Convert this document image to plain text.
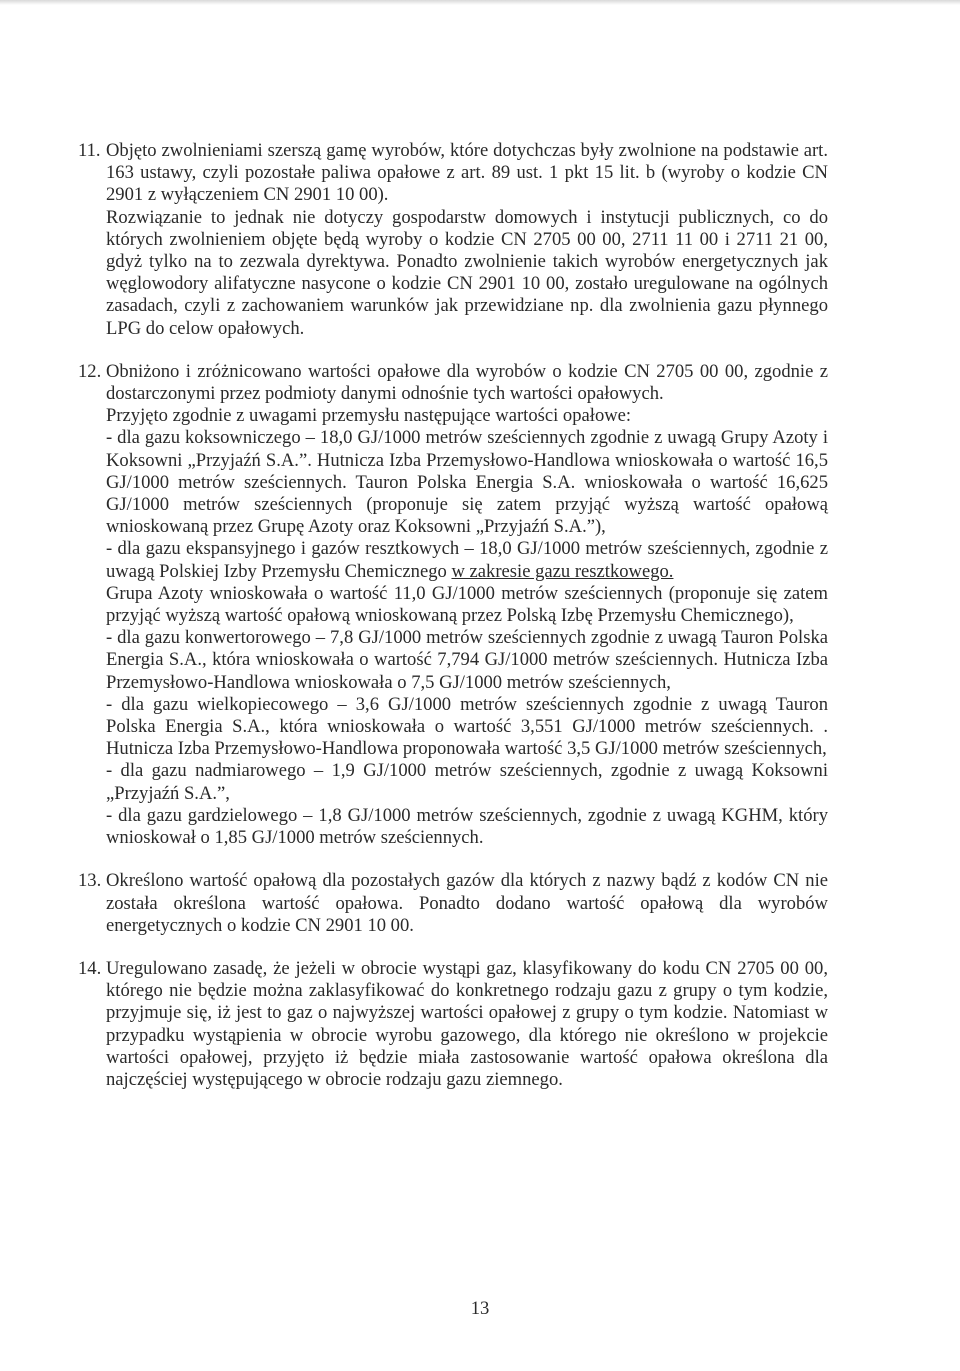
11. Objęto zwolnieniami szerszą gamę wyrobów, które dotychczas były zwolnione na podstawie art. 163 ustawy, czyli pozostałe paliwa opałowe z art. 89 ust. 1 pkt 15 lit. b (wyroby o kodzie CN 2901 z wyłączeniem CN 2901 10 00).

Rozwiązanie to jednak nie dotyczy gospodarstw domowych i instytucji publicznych, co do których zwolnieniem objęte będą wyroby o kodzie CN 2705 00 00, 2711 11 00 i 2711 21 00, gdyż tylko na to zezwala dyrektywa. Ponadto zwolnienie takich wyrobów energetycznych jak węglowodory alifatyczne nasycone o kodzie CN 2901 10 00, zostało uregulowane na ogólnych zasadach, czyli z zachowaniem warunków jak przewidziane np. dla zwolnienia gazu płynnego LPG do celow opałowych.

12. Obniżono i zróżnicowano wartości opałowe dla wyrobów o kodzie CN 2705 00 00, zgodnie z dostarczonymi przez podmioty danymi odnośnie tych wartości opałowych.

Przyjęto zgodnie z uwagami przemysłu następujące wartości opałowe:

- dla gazu koksowniczego – 18,0 GJ/1000 metrów sześciennych zgodnie z uwagą Grupy Azoty i Koksowni „Przyjaźń S.A.”. Hutnicza Izba Przemysłowo-Handlowa wnioskowała o wartość 16,5 GJ/1000 metrów sześciennych. Tauron Polska Energia S.A. wnioskowała o wartość 16,625 GJ/1000 metrów sześciennych (proponuje się zatem przyjąć wyższą wartość opałową wnioskowaną przez Grupę Azoty oraz Koksowni „Przyjaźń S.A.”),

- dla gazu ekspansyjnego i gazów resztkowych – 18,0 GJ/1000 metrów sześciennych, zgodnie z uwagą Polskiej Izby Przemysłu Chemicznego w zakresie gazu resztkowego.

Grupa Azoty wnioskowała o wartość 11,0 GJ/1000 metrów sześciennych (proponuje się zatem przyjąć wyższą wartość opałową wnioskowaną przez Polską Izbę Przemysłu Chemicznego),

- dla gazu konwertorowego – 7,8 GJ/1000 metrów sześciennych zgodnie z uwagą Tauron Polska Energia S.A., która wnioskowała o wartość 7,794 GJ/1000 metrów sześciennych. Hutnicza Izba Przemysłowo-Handlowa wnioskowała o 7,5 GJ/1000 metrów sześciennych,

- dla gazu wielkopiecowego – 3,6 GJ/1000 metrów sześciennych zgodnie z uwagą Tauron Polska Energia S.A., która wnioskowała o wartość 3,551 GJ/1000 metrów sześciennych. . Hutnicza Izba Przemysłowo-Handlowa proponowała wartość 3,5 GJ/1000 metrów sześciennych,

- dla gazu nadmiarowego – 1,9 GJ/1000 metrów sześciennych, zgodnie z uwagą Koksowni „Przyjaźń S.A.”,

- dla gazu gardzielowego – 1,8 GJ/1000 metrów sześciennych, zgodnie z uwagą KGHM, który wnioskował o 1,85 GJ/1000 metrów sześciennych.

13. Określono wartość opałową dla pozostałych gazów dla których z nazwy bądź z kodów CN nie została określona wartość opałowa. Ponadto dodano wartość opałową dla wyrobów energetycznych o kodzie CN 2901 10 00.

14. Uregulowano zasadę, że jeżeli w obrocie wystąpi gaz, klasyfikowany do kodu CN 2705 00 00, którego nie będzie można zaklasyfikować do konkretnego rodzaju gazu z grupy o tym kodzie, przyjmuje się, iż jest to gaz o najwyższej wartości opałowej z grupy o tym kodzie. Natomiast w przypadku wystąpienia w obrocie wyrobu gazowego, dla którego nie określono w projekcie wartości opałowej, przyjęto iż będzie miała zastosowanie wartość opałowa określona dla najczęściej występującego w obrocie rodzaju gazu ziemnego.

13
